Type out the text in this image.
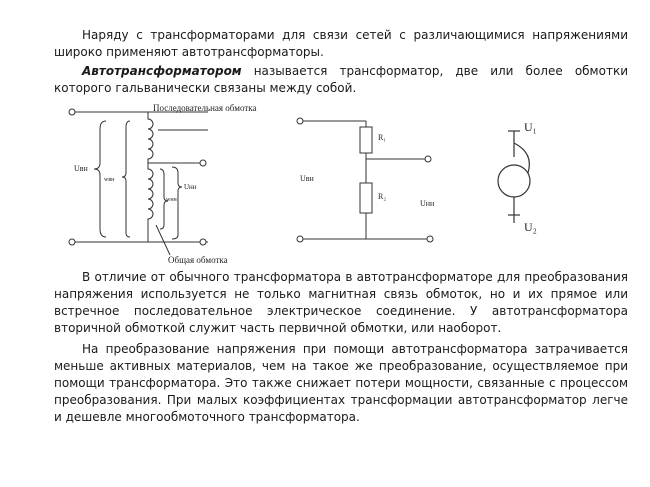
Наряду с трансформаторами для связи сетей с различающимися напряжениями широко применяют автотрансформаторы.

Автотрансформатором называется трансформатор, две или более обмотки которого гальванически связаны между собой.

Последовательная обмотка
Общая обмотка
Uвн
wвн
wнн
Uнн
R₁
R₂
Uвн
Uнн
U₁
U₂

В отличие от обычного трансформатора в автотрансформаторе для преобразования напряжения используется не только магнитная связь обмоток, но и их прямое или встречное последовательное электрическое соединение. У автотрансформатора вторичной обмоткой служит часть первичной обмотки, или наоборот.

На преобразование напряжения при помощи автотрансформатора затрачивается меньше активных материалов, чем на такое же преобразование, осуществляемое при помощи трансформатора. Это также снижает потери мощности, связанные с процессом преобразования. При малых коэффициентах трансформации автотрансформатор легче и дешевле многообмоточного трансформатора.
